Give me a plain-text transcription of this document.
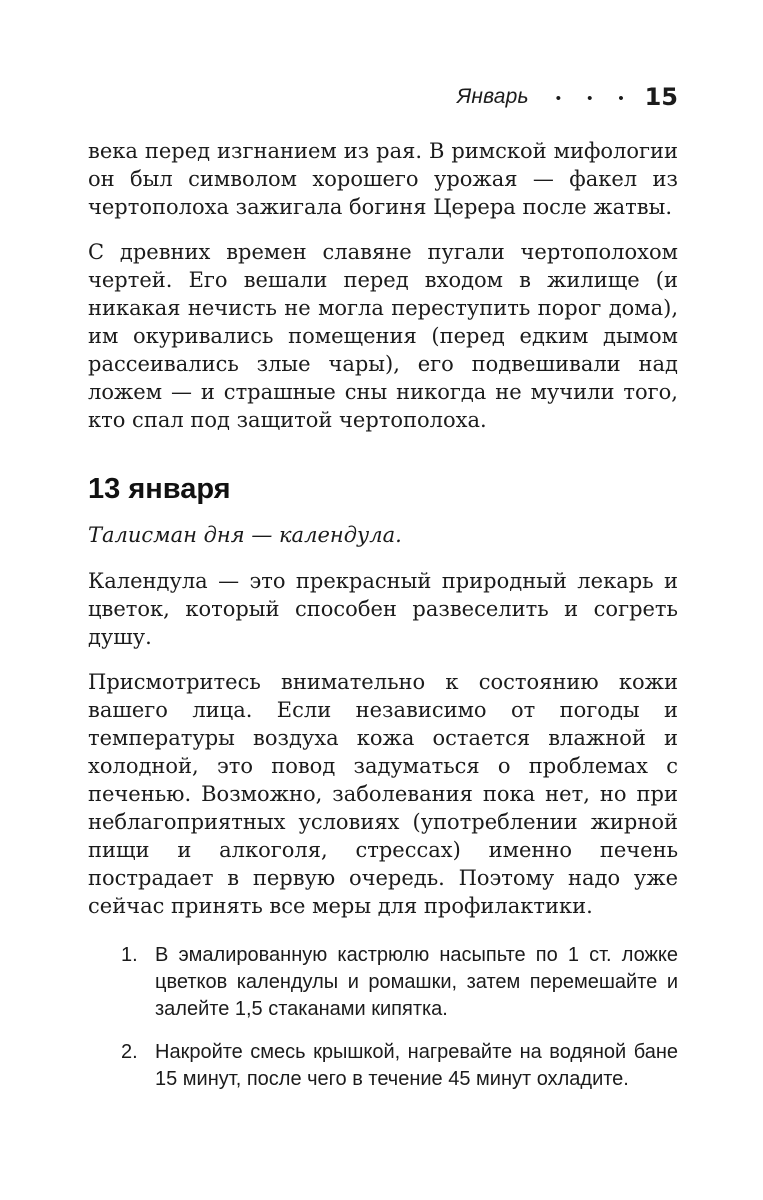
Январь • • • 15

века перед изгнанием из рая. В римской мифологии он был символом хорошего урожая — факел из чертополоха зажигала богиня Церера после жатвы.

С древних времен славяне пугали чертополохом чертей. Его вешали перед входом в жилище (и никакая нечисть не могла переступить порог дома), им окуривались помещения (перед едким дымом рассеивались злые чары), его подвешивали над ложем — и страшные сны никогда не мучили того, кто спал под защитой чертополоха.

13 января

Талисман дня — календула.

Календула — это прекрасный природный лекарь и цветок, который способен развеселить и согреть душу.

Присмотритесь внимательно к состоянию кожи вашего лица. Если независимо от погоды и температуры воздуха кожа остается влажной и холодной, это повод задуматься о проблемах с печенью. Возможно, заболевания пока нет, но при неблагоприятных условиях (употреблении жирной пищи и алкоголя, стрессах) именно печень пострадает в первую очередь. Поэтому надо уже сейчас принять все меры для профилактики.

1. В эмалированную кастрюлю насыпьте по 1 ст. ложке цветков календулы и ромашки, затем перемешайте и залейте 1,5 стаканами кипятка.
2. Накройте смесь крышкой, нагревайте на водяной бане 15 минут, после чего в течение 45 минут охладите.
